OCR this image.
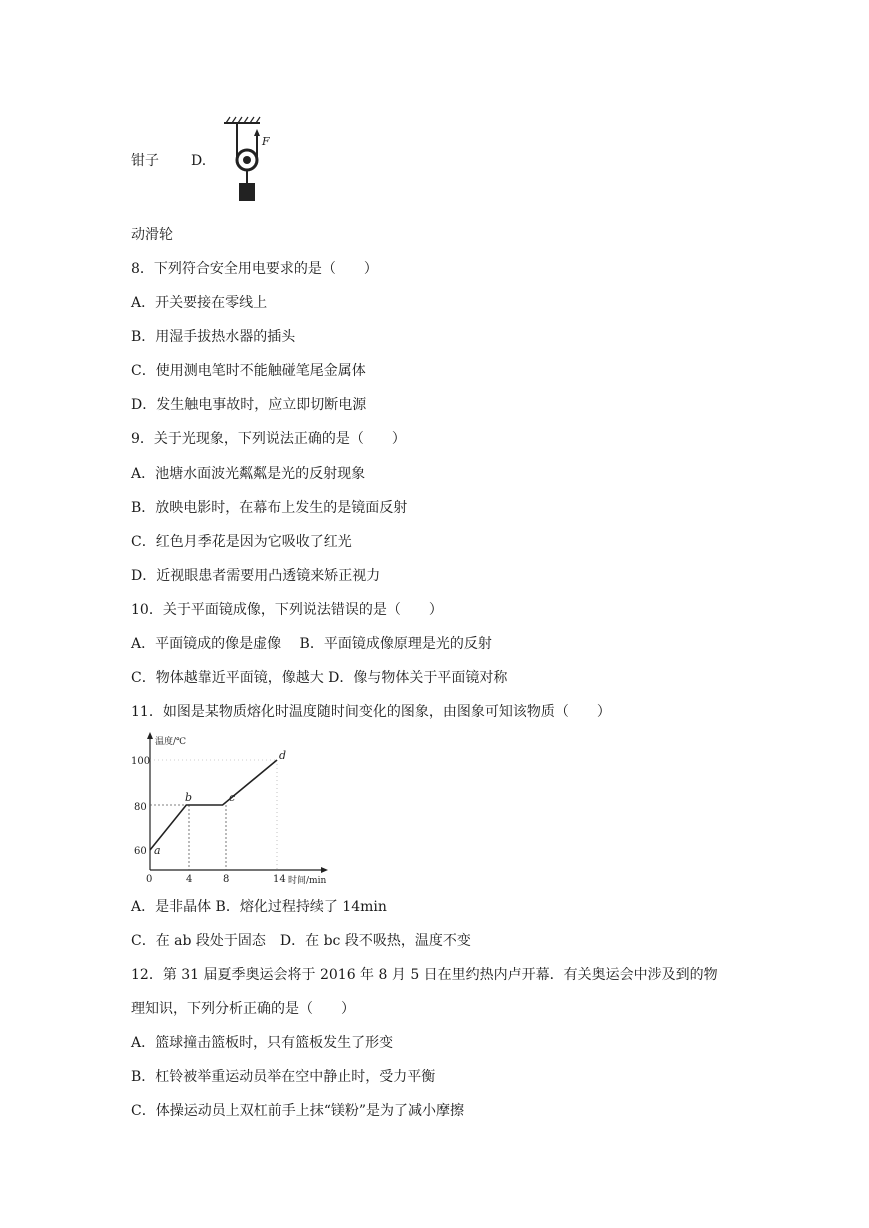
钳子 D.
F
动滑轮
8．下列符合安全用电要求的是（　　）
A．开关要接在零线上
B．用湿手拔热水器的插头
C．使用测电笔时不能触碰笔尾金属体
D．发生触电事故时，应立即切断电源
9．关于光现象，下列说法正确的是（　　）
A．池塘水面波光粼粼是光的反射现象
B．放映电影时，在幕布上发生的是镜面反射
C．红色月季花是因为它吸收了红光
D．近视眼患者需要用凸透镜来矫正视力
10．关于平面镜成像，下列说法错误的是（　　）
A．平面镜成的像是虚像　 B．平面镜成像原理是光的反射
C．物体越靠近平面镜，像越大 D．像与物体关于平面镜对称
11．如图是某物质熔化时温度随时间变化的图象，由图象可知该物质（　　）
温度/℃
时间/min
100
80
60
0	4	8	14
a
b	c
d
A．是非晶体 B．熔化过程持续了 14min
C．在 ab 段处于固态　D．在 bc 段不吸热，温度不变
12．第 31 届夏季奥运会将于 2016 年 8 月 5 日在里约热内卢开幕．有关奥运会中涉及到的物
理知识，下列分析正确的是（　　）
A．篮球撞击篮板时，只有篮板发生了形变
B．杠铃被举重运动员举在空中静止时，受力平衡
C．体操运动员上双杠前手上抹“镁粉”是为了减小摩擦
